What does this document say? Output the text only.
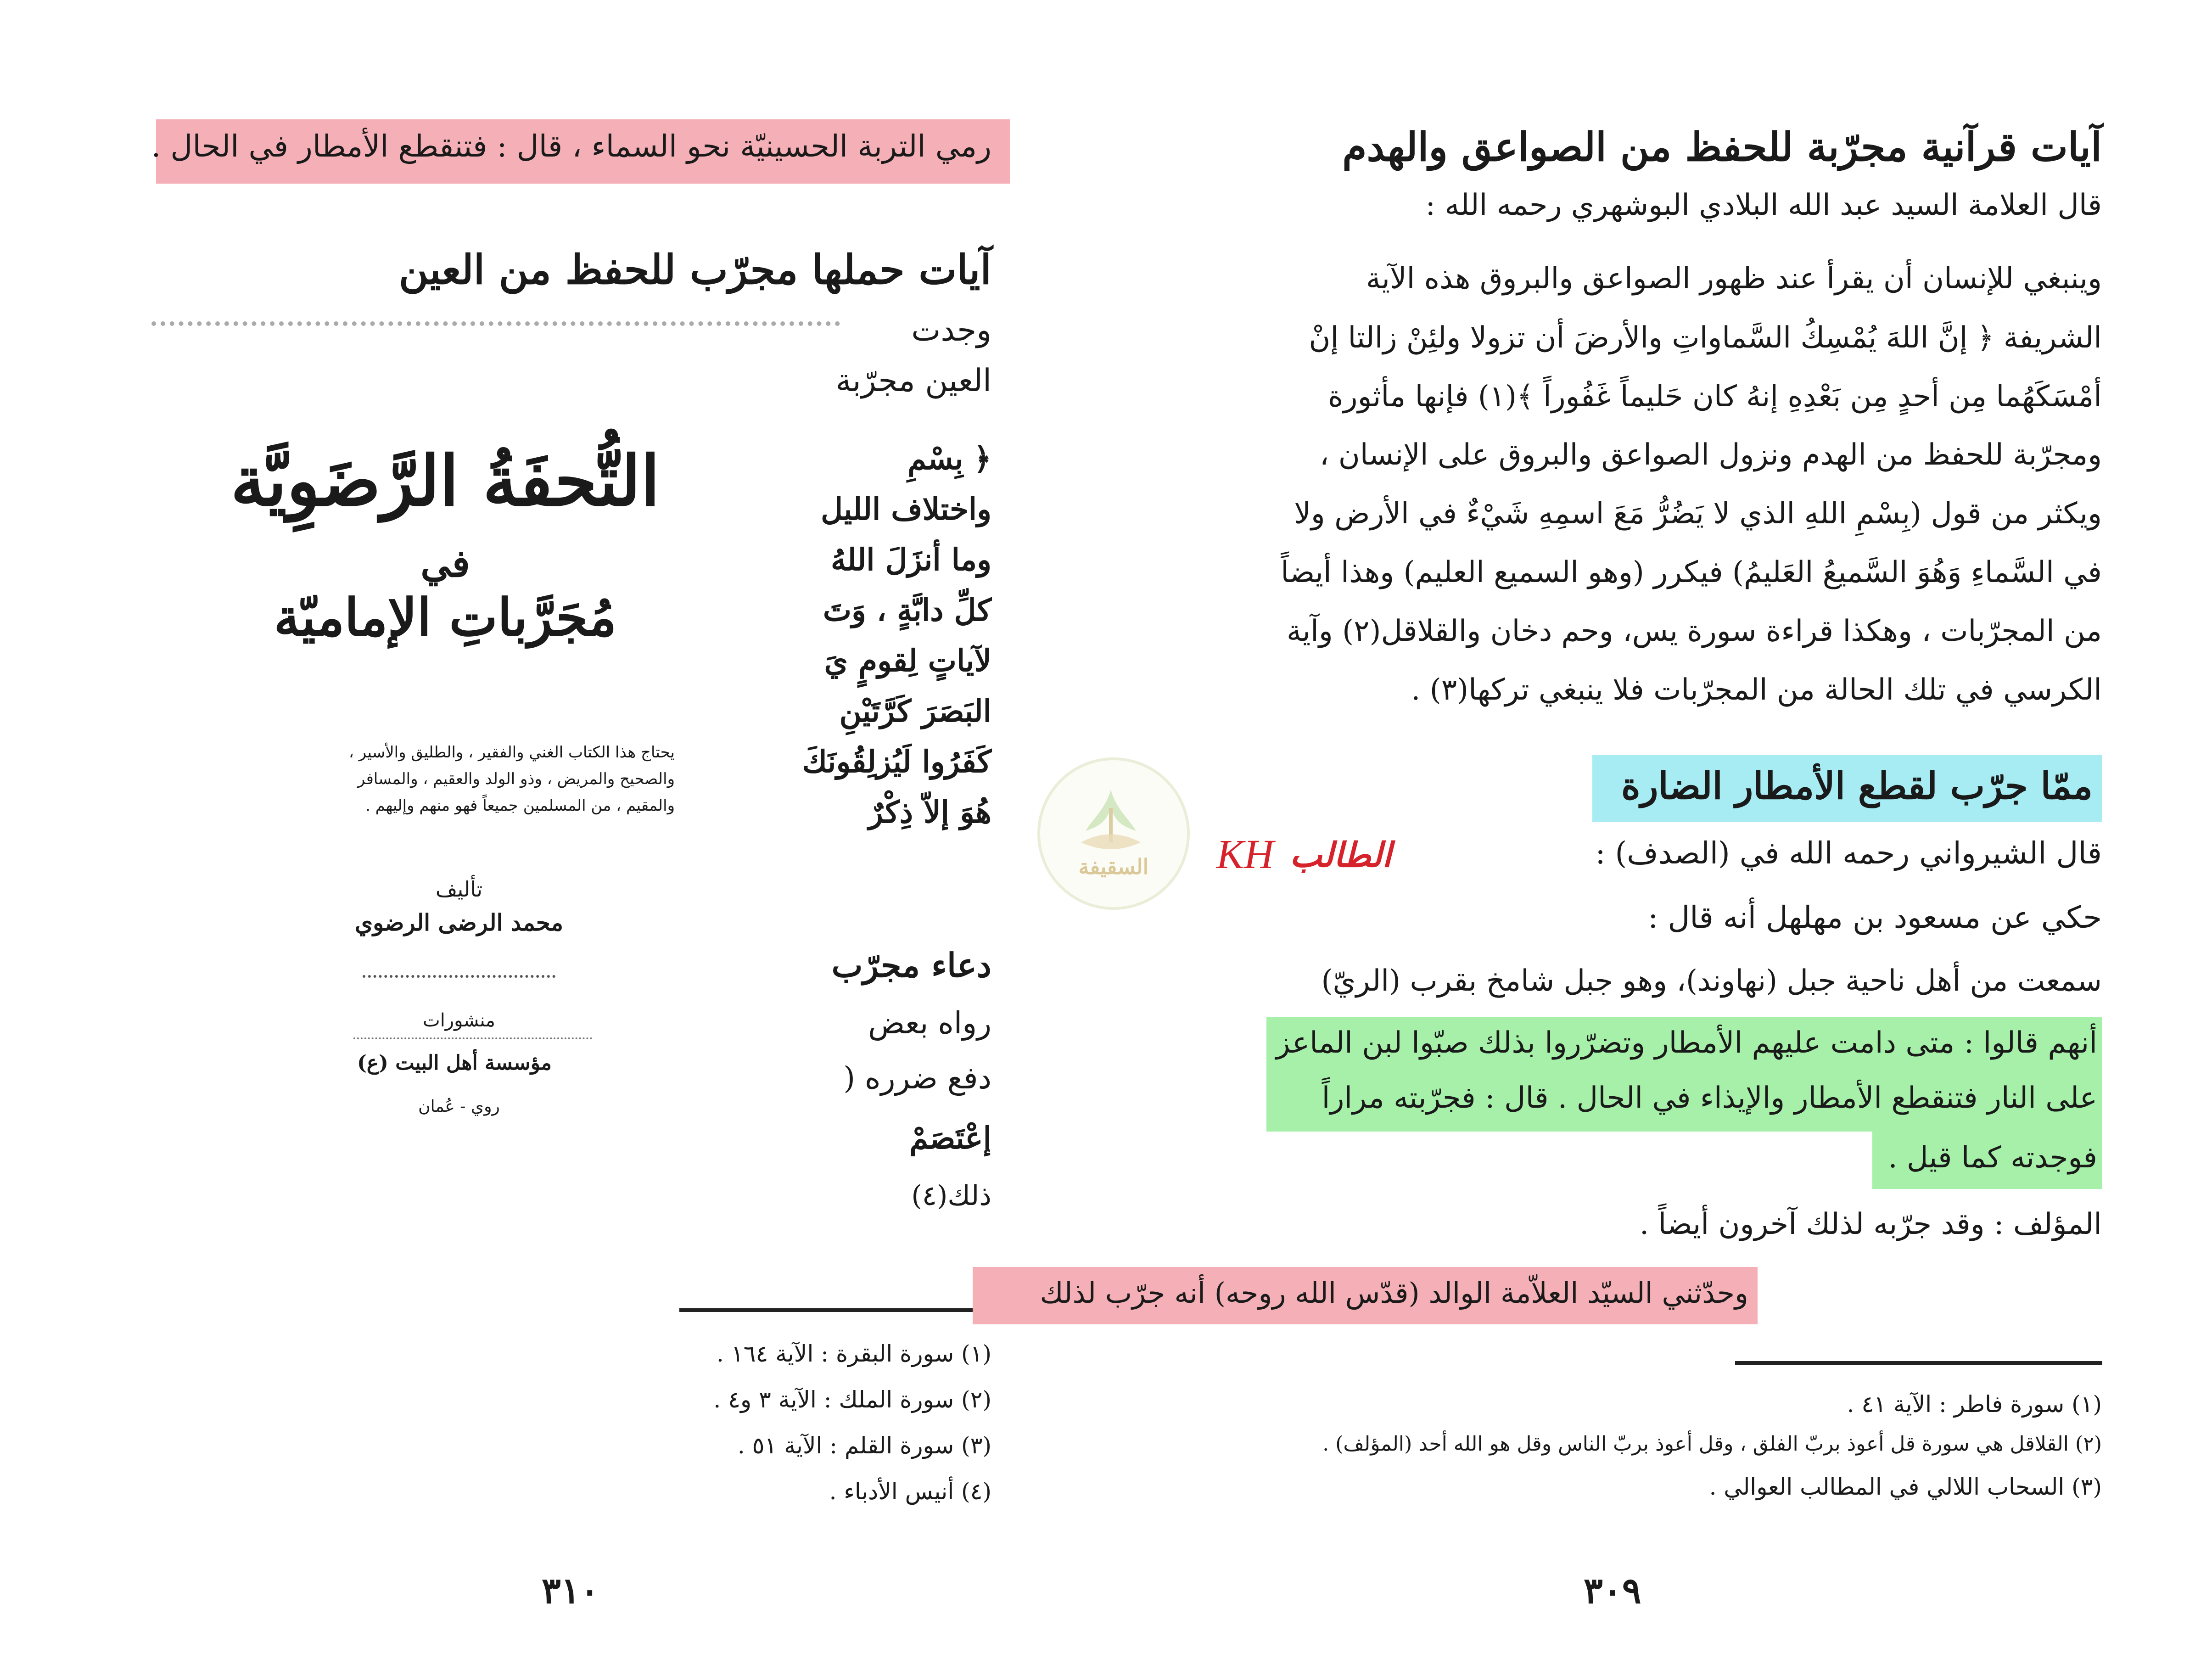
رمي التربة الحسينيّة نحو السماء ، قال : فتنقطع الأمطار في الحال .
آيات حملها مجرّب للحفظ من العين
وجدت
العين مجرّبة
﴿ بِسْمِ
واختلاف الليل
وما أنزَلَ اللهُ
كلِّ دابَّةٍ ، وَتَ
لآياتٍ لِقومٍ يَ
البَصَرَ كَرَّتَيْنِ
كَفَرُوا لَيُزلِقُونَكَ
هُوَ إلاّ ذِكْرٌ
دعاء مجرّب
رواه بعض
دفع ضرره (
إعْتَصَمْ
ذلك(٤)
(١) سورة البقرة : الآية ١٦٤ .
(٢) سورة الملك : الآية ٣ و٤ .
(٣) سورة القلم : الآية ٥١ .
(٤) أنيس الأدباء .
٣١٠
التُّحفَةُ الرَّضَوِيَّة
في
مُجَرَّباتِ الإماميّة
يحتاج هذا الكتاب الغني والفقير ، والطليق والأسير ،
والصحيح والمريض ، وذو الولد والعقيم ، والمسافر
والمقيم ، من المسلمين جميعاً فهو منهم وإليهم .
تأليف
محمد الرضى الرضوي
منشورات
مؤسسة أهل البيت (ع)
روي - عُمان
السقيفة	KH الطالب
آيات قرآنية مجرّبة للحفظ من الصواعق والهدم
قال العلامة السيد عبد الله البلادي البوشهري رحمه الله :
وينبغي للإنسان أن يقرأ عند ظهور الصواعق والبروق هذه الآية
الشريفة ﴿ إنَّ اللهَ يُمْسِكُ السَّماواتِ والأرضَ أن تزولا ولئِنْ زالتا إنْ
أمْسَكَهُما مِن أحدٍ مِن بَعْدِهِ إنهُ كان حَليماً غَفُوراً ﴾(١) فإنها مأثورة
ومجرّبة للحفظ من الهدم ونزول الصواعق والبروق على الإنسان ،
ويكثر من قول (بِسْمِ اللهِ الذي لا يَضُرُّ مَعَ اسمِهِ شَيْءٌ في الأرض ولا
في السَّماءِ وَهُوَ السَّميعُ العَليمُ) فيكرر (وهو السميع العليم) وهذا أيضاً
من المجرّبات ، وهكذا قراءة سورة يس، وحم دخان والقلاقل(٢) وآية
الكرسي في تلك الحالة من المجرّبات فلا ينبغي تركها(٣) .
ممّا جرّب لقطع الأمطار الضارة
قال الشيرواني رحمه الله في (الصدف) :
حكي عن مسعود بن مهلهل أنه قال :
سمعت من أهل ناحية جبل (نهاوند)، وهو جبل شامخ بقرب (الريّ)
أنهم قالوا : متى دامت عليهم الأمطار وتضرّروا بذلك صبّوا لبن الماعز
على النار فتنقطع الأمطار والإيذاء في الحال . قال : فجرّبته مراراً
فوجدته كما قيل .
المؤلف : وقد جرّبه لذلك آخرون أيضاً .
وحدّثني السيّد العلاّمة الوالد (قدّس الله روحه) أنه جرّب لذلك
(١) سورة فاطر : الآية ٤١ .
(٢) القلاقل هي سورة قل أعوذ بربّ الفلق ، وقل أعوذ بربّ الناس وقل هو الله أحد (المؤلف) .
(٣) السحاب اللالي في المطالب العوالي .
٣٠٩
